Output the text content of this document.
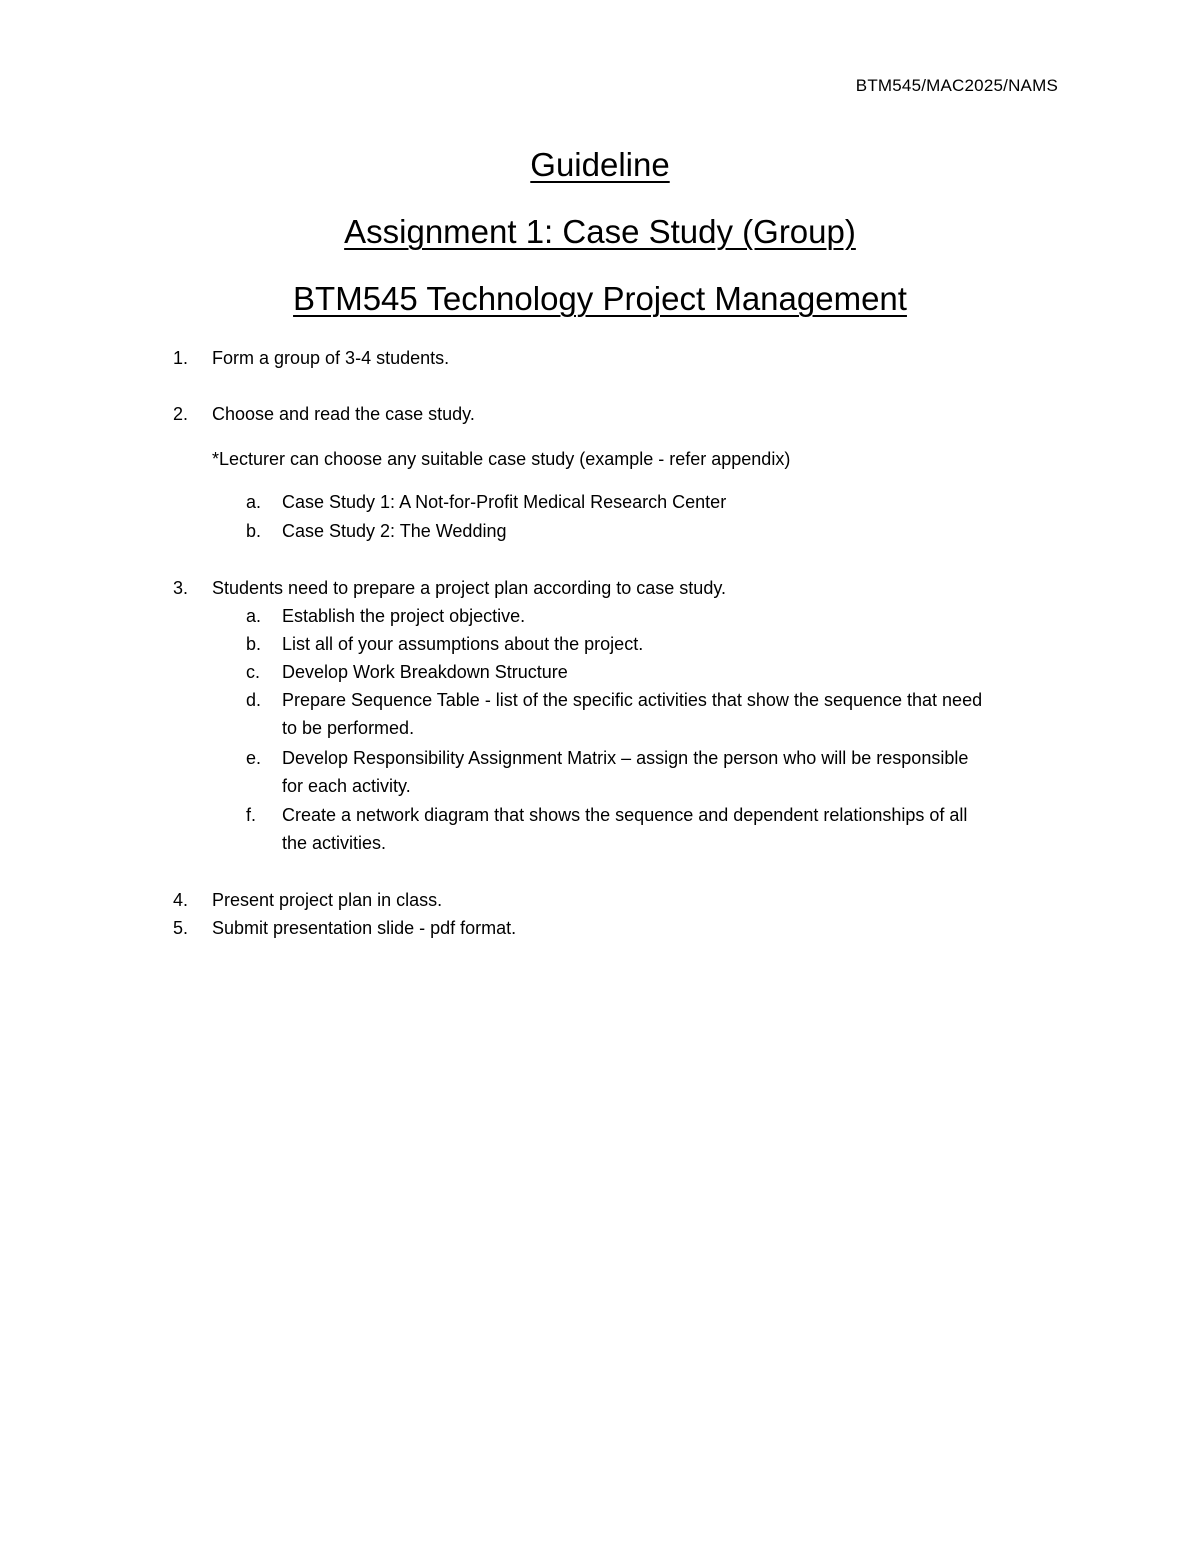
BTM545/MAC2025/NAMS
Guideline
Assignment 1: Case Study (Group)
BTM545 Technology Project Management
1.	Form a group of 3-4 students.
2.	Choose and read the case study.
*Lecturer can choose any suitable case study (example - refer appendix)
a.	Case Study 1: A Not-for-Profit Medical Research Center
b.	Case Study 2: The Wedding
3.	Students need to prepare a project plan according to case study.
a.	Establish the project objective.
b.	List all of your assumptions about the project.
c.	Develop Work Breakdown Structure
d.	Prepare Sequence Table - list of the specific activities that show the sequence that need
to be performed.
e.	Develop Responsibility Assignment Matrix – assign the person who will be responsible
for each activity.
f.	Create a network diagram that shows the sequence and dependent relationships of all
the activities.
4.	Present project plan in class.
5.	Submit presentation slide - pdf format.
